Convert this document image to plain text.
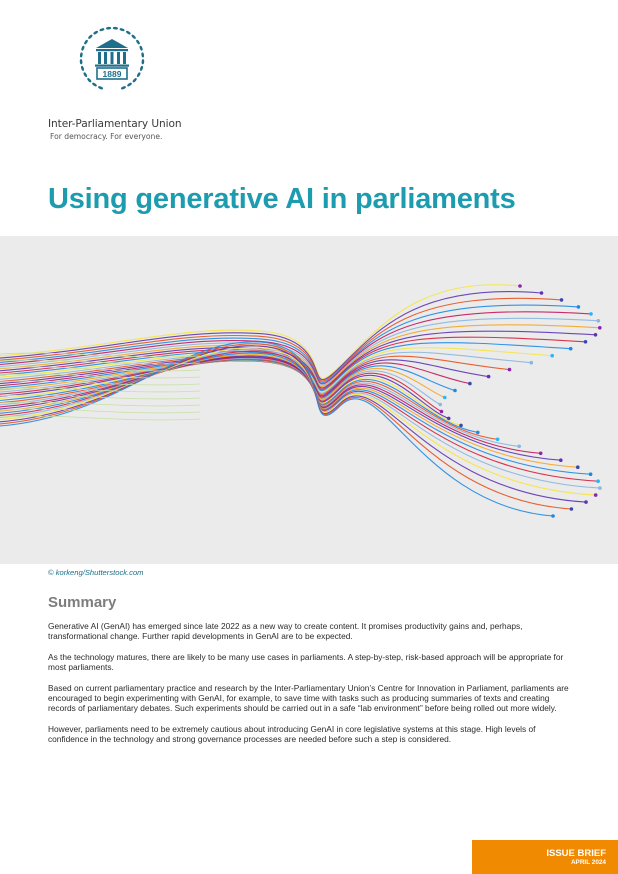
1889
Inter-Parliamentary Union
For democracy. For everyone.
Using generative AI in parliaments
© korkeng/Shutterstock.com
Summary

Generative AI (GenAI) has emerged since late 2022 as a new way to create content. It promises productivity gains and, perhaps, transformational change. Further rapid developments in GenAI are to be expected.

As the technology matures, there are likely to be many use cases in parliaments. A step-by-step, risk-based approach will be appropriate for most parliaments.

Based on current parliamentary practice and research by the Inter-Parliamentary Union’s Centre for Innovation in Parliament, parliaments are encouraged to begin experimenting with GenAI, for example, to save time with tasks such as producing summaries of texts and creating records of parliamentary debates. Such experiments should be carried out in a safe “lab environment” before being rolled out more widely.

However, parliaments need to be extremely cautious about introducing GenAI in core legislative systems at this stage. High levels of confidence in the technology and strong governance processes are needed before such a step is considered.

ISSUE BRIEF
APRIL 2024
